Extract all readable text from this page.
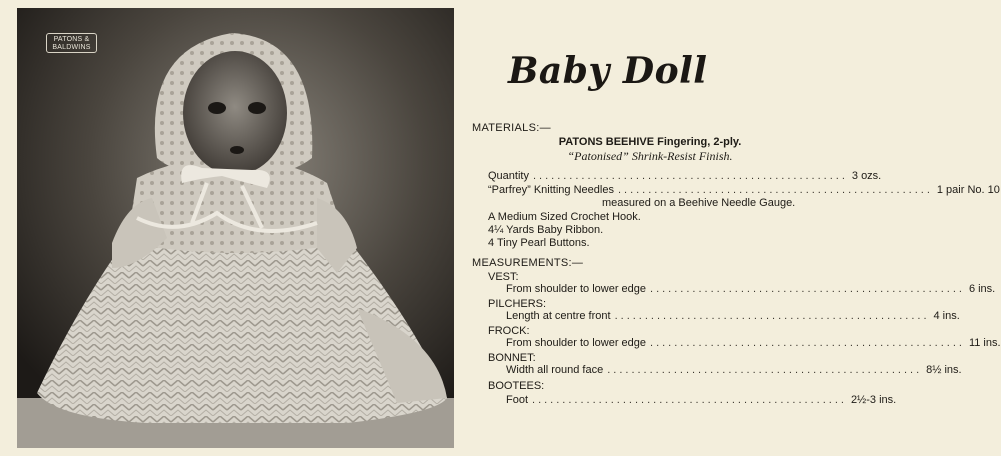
PATONS &
BALDWINS
Baby Doll
MATERIALS:—
PATONS BEEHIVE Fingering, 2-ply.
“Patonised” Shrink-Resist Finish.
Quantity .................................................... 3 ozs.
“Parfrey” Knitting Needles .................................................... 1 pair No. 10
measured on a Beehive Needle Gauge.
A Medium Sized Crochet Hook.
4¼ Yards Baby Ribbon.
4 Tiny Pearl Buttons.
MEASUREMENTS:—
VEST:
From shoulder to lower edge .................................................... 6 ins.
PILCHERS:
Length at centre front .................................................... 4 ins.
FROCK:
From shoulder to lower edge .................................................... 11 ins.
BONNET:
Width all round face .................................................... 8½ ins.
BOOTEES:
Foot .................................................... 2½-3 ins.
